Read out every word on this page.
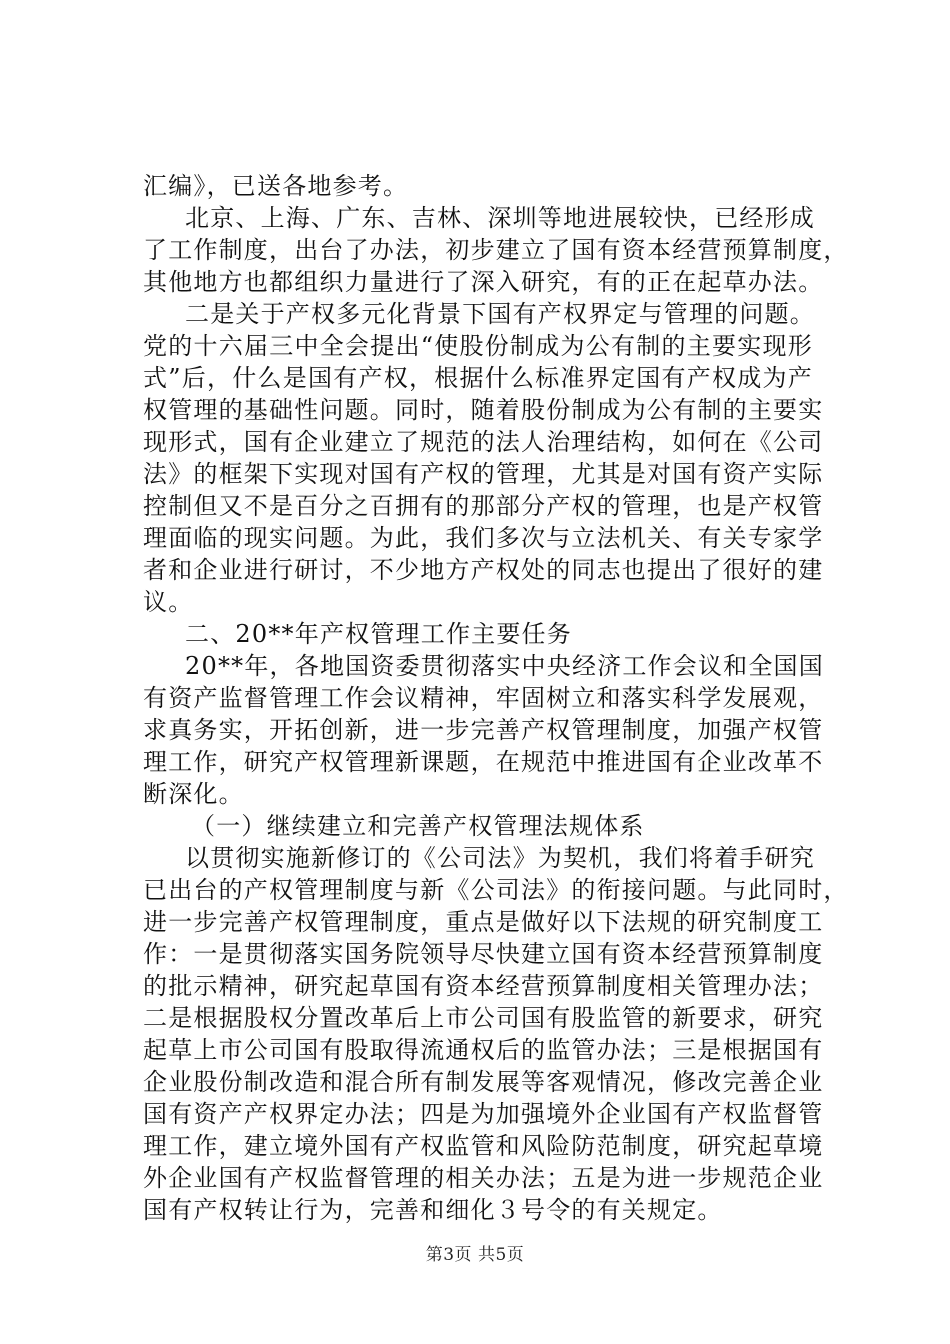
汇编》，已送各地参考。
北京、上海、广东、吉林、深圳等地进展较快，已经形成
了工作制度，出台了办法，初步建立了国有资本经营预算制度，
其他地方也都组织力量进行了深入研究，有的正在起草办法。
二是关于产权多元化背景下国有产权界定与管理的问题。
党的十六届三中全会提出“使股份制成为公有制的主要实现形
式”后，什么是国有产权，根据什么标准界定国有产权成为产
权管理的基础性问题。同时，随着股份制成为公有制的主要实
现形式，国有企业建立了规范的法人治理结构，如何在《公司
法》的框架下实现对国有产权的管理，尤其是对国有资产实际
控制但又不是百分之百拥有的那部分产权的管理，也是产权管
理面临的现实问题。为此，我们多次与立法机关、有关专家学
者和企业进行研讨，不少地方产权处的同志也提出了很好的建
议。
二、20**年产权管理工作主要任务
20**年，各地国资委贯彻落实中央经济工作会议和全国国
有资产监督管理工作会议精神，牢固树立和落实科学发展观，
求真务实，开拓创新，进一步完善产权管理制度，加强产权管
理工作，研究产权管理新课题，在规范中推进国有企业改革不
断深化。
（一）继续建立和完善产权管理法规体系
以贯彻实施新修订的《公司法》为契机，我们将着手研究
已出台的产权管理制度与新《公司法》的衔接问题。与此同时，
进一步完善产权管理制度，重点是做好以下法规的研究制度工
作：一是贯彻落实国务院领导尽快建立国有资本经营预算制度
的批示精神，研究起草国有资本经营预算制度相关管理办法；
二是根据股权分置改革后上市公司国有股监管的新要求，研究
起草上市公司国有股取得流通权后的监管办法；三是根据国有
企业股份制改造和混合所有制发展等客观情况，修改完善企业
国有资产产权界定办法；四是为加强境外企业国有产权监督管
理工作，建立境外国有产权监管和风险防范制度，研究起草境
外企业国有产权监督管理的相关办法；五是为进一步规范企业
国有产权转让行为，完善和细化３号令的有关规定。
第3页 共5页
